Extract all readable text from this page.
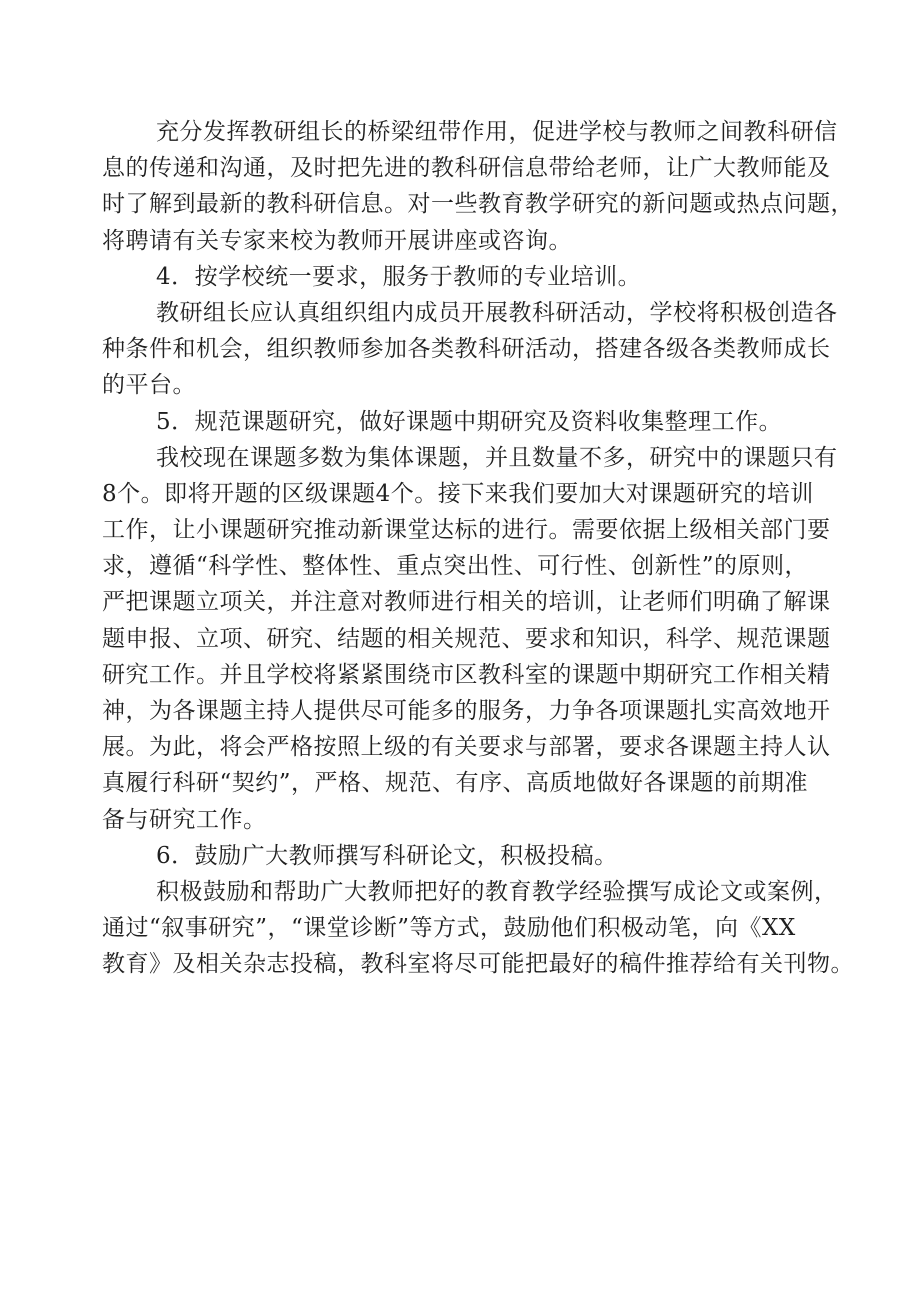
充分发挥教研组长的桥梁纽带作用，促进学校与教师之间教科研信
息的传递和沟通，及时把先进的教科研信息带给老师，让广大教师能及
时了解到最新的教科研信息。对一些教育教学研究的新问题或热点问题，
将聘请有关专家来校为教师开展讲座或咨询。

4．按学校统一要求，服务于教师的专业培训。

教研组长应认真组织组内成员开展教科研活动，学校将积极创造各
种条件和机会，组织教师参加各类教科研活动，搭建各级各类教师成长
的平台。

5．规范课题研究，做好课题中期研究及资料收集整理工作。

我校现在课题多数为集体课题，并且数量不多，研究中的课题只有
8个。即将开题的区级课题4个。接下来我们要加大对课题研究的培训
工作，让小课题研究推动新课堂达标的进行。需要依据上级相关部门要
求，遵循“科学性、整体性、重点突出性、可行性、创新性”的原则，
严把课题立项关，并注意对教师进行相关的培训，让老师们明确了解课
题申报、立项、研究、结题的相关规范、要求和知识，科学、规范课题
研究工作。并且学校将紧紧围绕市区教科室的课题中期研究工作相关精
神，为各课题主持人提供尽可能多的服务，力争各项课题扎实高效地开
展。为此，将会严格按照上级的有关要求与部署，要求各课题主持人认
真履行科研“契约”，严格、规范、有序、高质地做好各课题的前期准
备与研究工作。

6．鼓励广大教师撰写科研论文，积极投稿。

积极鼓励和帮助广大教师把好的教育教学经验撰写成论文或案例，
通过“叙事研究”，“课堂诊断”等方式，鼓励他们积极动笔，向《XX
教育》及相关杂志投稿，教科室将尽可能把最好的稿件推荐给有关刊物。
